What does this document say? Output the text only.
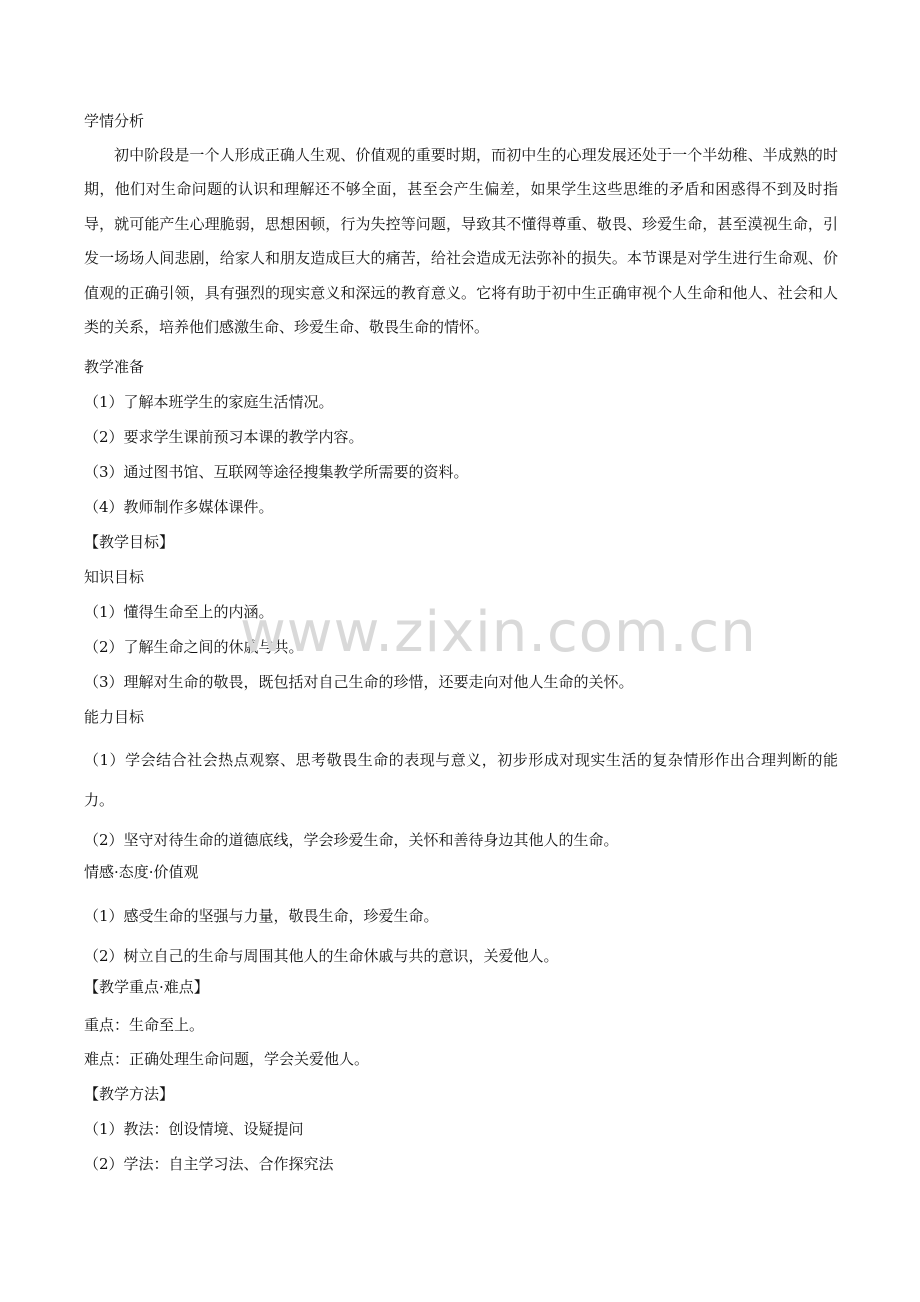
学情分析
初中阶段是一个人形成正确人生观、价值观的重要时期，而初中生的心理发展还处于一个半幼稚、半成熟的时期，他们对生命问题的认识和理解还不够全面，甚至会产生偏差，如果学生这些思维的矛盾和困惑得不到及时指导，就可能产生心理脆弱，思想困顿，行为失控等问题，导致其不懂得尊重、敬畏、珍爱生命，甚至漠视生命，引发一场场人间悲剧，给家人和朋友造成巨大的痛苦，给社会造成无法弥补的损失。本节课是对学生进行生命观、价值观的正确引领，具有强烈的现实意义和深远的教育意义。它将有助于初中生正确审视个人生命和他人、社会和人类的关系，培养他们感激生命、珍爱生命、敬畏生命的情怀。
教学准备
（1）了解本班学生的家庭生活情况。
（2）要求学生课前预习本课的教学内容。
（3）通过图书馆、互联网等途径搜集教学所需要的资料。
（4）教师制作多媒体课件。
【教学目标】
知识目标
（1）懂得生命至上的内涵。
（2）了解生命之间的休戚与共。
（3）理解对生命的敬畏，既包括对自己生命的珍惜，还要走向对他人生命的关怀。
能力目标
（1）学会结合社会热点观察、思考敬畏生命的表现与意义，初步形成对现实生活的复杂情形作出合理判断的能力。
（2）坚守对待生命的道德底线，学会珍爱生命，关怀和善待身边其他人的生命。
情感·态度·价值观
（1）感受生命的坚强与力量，敬畏生命，珍爱生命。
（2）树立自己的生命与周围其他人的生命休戚与共的意识，关爱他人。
【教学重点·难点】
重点：生命至上。
难点：正确处理生命问题，学会关爱他人。
【教学方法】
（1）教法：创设情境、设疑提问
（2）学法：自主学习法、合作探究法
www.zixin.com.cn
